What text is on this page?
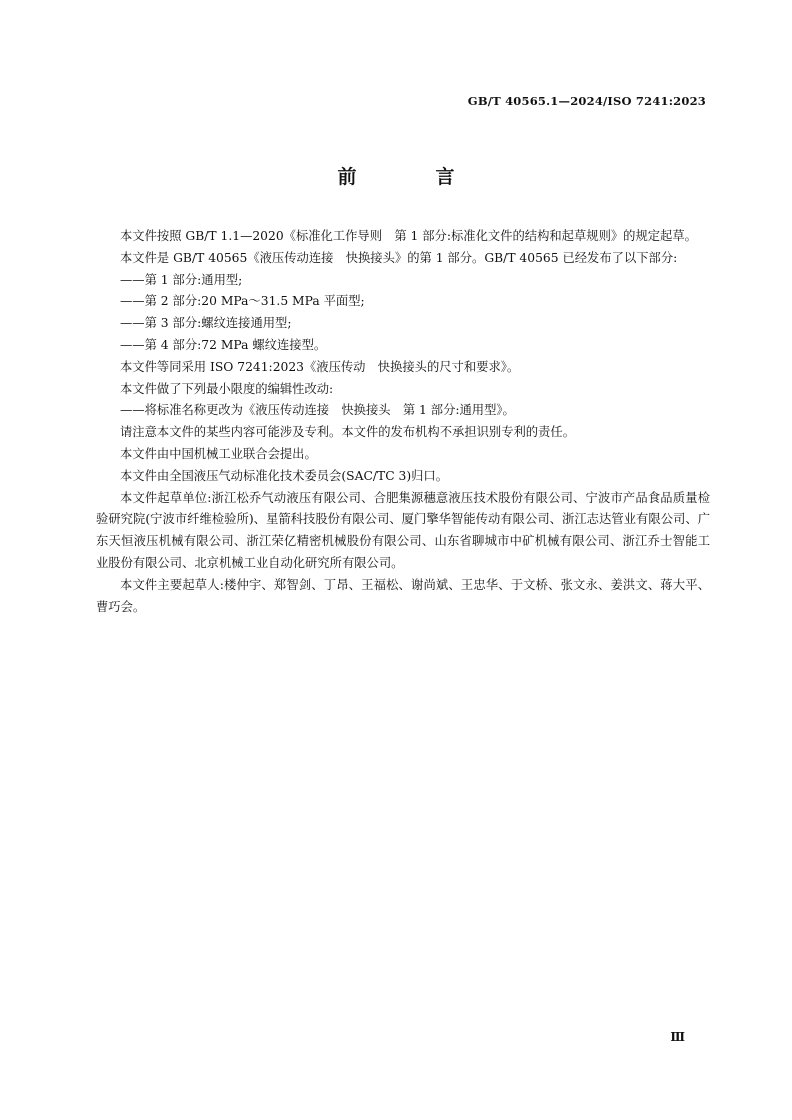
GB/T 40565.1—2024/ISO 7241:2023
前　言

本文件按照 GB/T 1.1—2020《标准化工作导则　第 1 部分:标准化文件的结构和起草规则》的规定起草。

本文件是 GB/T 40565《液压传动连接　快换接头》的第 1 部分。GB/T 40565 已经发布了以下部分:

——第 1 部分:通用型;

——第 2 部分:20 MPa～31.5 MPa 平面型;

——第 3 部分:螺纹连接通用型;

——第 4 部分:72 MPa 螺纹连接型。

本文件等同采用 ISO 7241:2023《液压传动　快换接头的尺寸和要求》。

本文件做了下列最小限度的编辑性改动:

——将标准名称更改为《液压传动连接　快换接头　第 1 部分:通用型》。

请注意本文件的某些内容可能涉及专利。本文件的发布机构不承担识别专利的责任。

本文件由中国机械工业联合会提出。

本文件由全国液压气动标准化技术委员会(SAC/TC 3)归口。

本文件起草单位:浙江松乔气动液压有限公司、合肥集源穗意液压技术股份有限公司、宁波市产品食品质量检验研究院(宁波市纤维检验所)、星箭科技股份有限公司、厦门擎华智能传动有限公司、浙江志达管业有限公司、广东天恒液压机械有限公司、浙江荣亿精密机械股份有限公司、山东省聊城市中矿机械有限公司、浙江乔士智能工业股份有限公司、北京机械工业自动化研究所有限公司。

本文件主要起草人:楼仲宇、郑智剑、丁昂、王福松、谢尚斌、王忠华、于文桥、张文永、姜洪文、蒋大平、曹巧会。

Ⅲ
